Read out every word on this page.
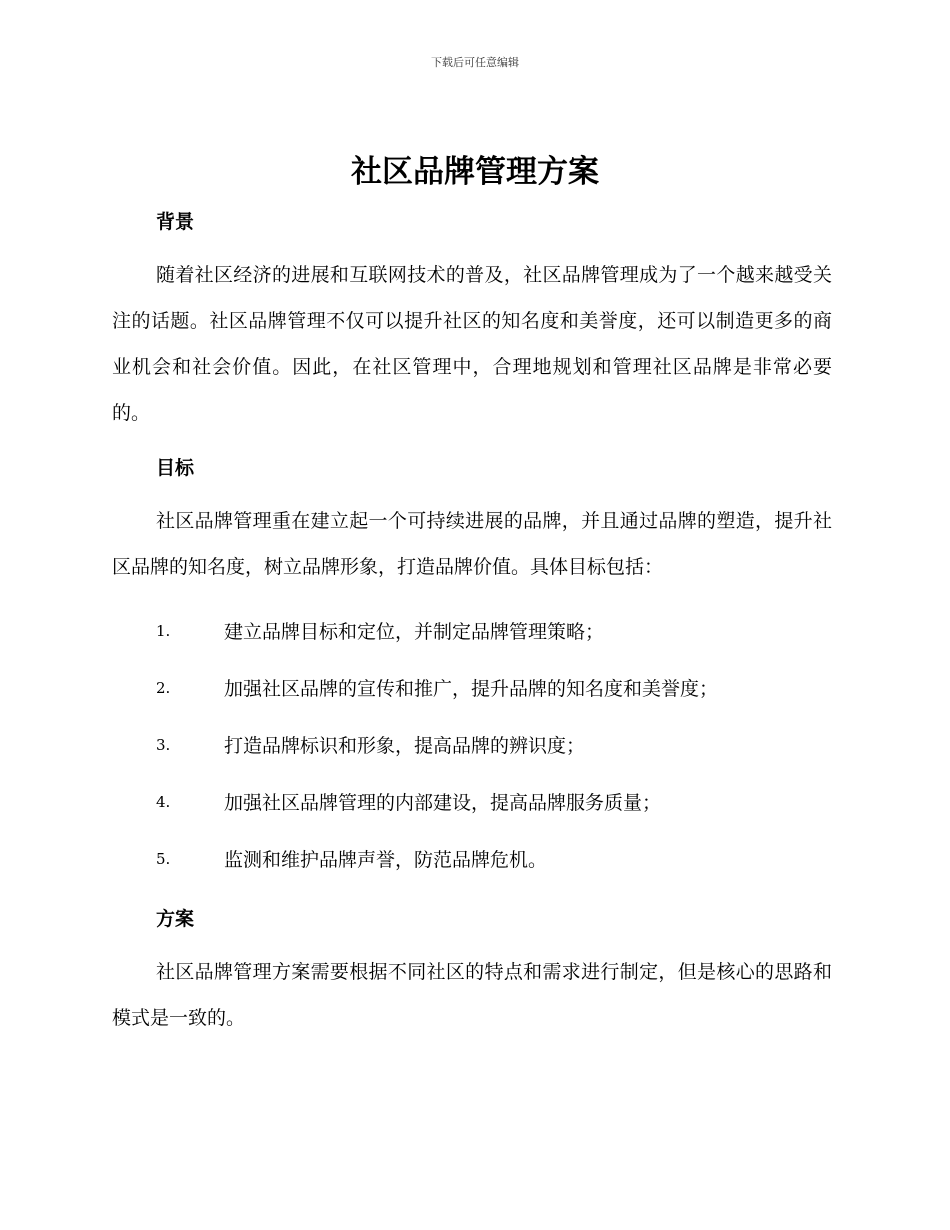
下载后可任意编辑
社区品牌管理方案
背景

随着社区经济的进展和互联网技术的普及，社区品牌管理成为了一个越来越受关注的话题。社区品牌管理不仅可以提升社区的知名度和美誉度，还可以制造更多的商业机会和社会价值。因此，在社区管理中，合理地规划和管理社区品牌是非常必要的。

目标

社区品牌管理重在建立起一个可持续进展的品牌，并且通过品牌的塑造，提升社区品牌的知名度，树立品牌形象，打造品牌价值。具体目标包括：

1.	建立品牌目标和定位，并制定品牌管理策略；
2.	加强社区品牌的宣传和推广，提升品牌的知名度和美誉度；
3.	打造品牌标识和形象，提高品牌的辨识度；
4.	加强社区品牌管理的内部建设，提高品牌服务质量；
5.	监测和维护品牌声誉，防范品牌危机。
方案

社区品牌管理方案需要根据不同社区的特点和需求进行制定，但是核心的思路和模式是一致的。
